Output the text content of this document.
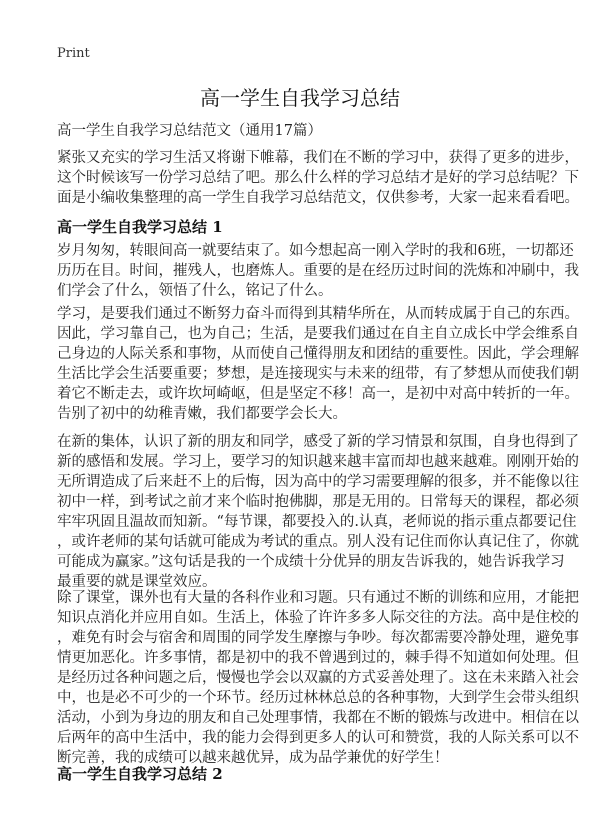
Print
高一学生自我学习总结
高一学生自我学习总结范文（通用17篇）
紧张又充实的学习生活又将谢下帷幕，我们在不断的学习中，获得了更多的进步，
这个时候该写一份学习总结了吧。那么什么样的学习总结才是好的学习总结呢？下
面是小编收集整理的高一学生自我学习总结范文，仅供参考，大家一起来看看吧。
高一学生自我学习总结 1
岁月匆匆，转眼间高一就要结束了。如今想起高一刚入学时的我和6班，一切都还
历历在目。时间，摧残人，也磨炼人。重要的是在经历过时间的洗炼和冲刷中，我
们学会了什么，领悟了什么，铭记了什么。
学习，是要我们通过不断努力奋斗而得到其精华所在，从而转成属于自己的东西。
因此，学习靠自己，也为自己；生活，是要我们通过在自主自立成长中学会维系自
己身边的人际关系和事物，从而使自己懂得朋友和团结的重要性。因此，学会理解
生活比学会生活要重要；梦想，是连接现实与未来的纽带，有了梦想从而使我们朝
着它不断走去，或许坎坷崎岖，但是坚定不移！高一，是初中对高中转折的一年。
告别了初中的幼稚青嫩，我们都要学会长大。
在新的集体，认识了新的朋友和同学，感受了新的学习情景和氛围，自身也得到了
新的感悟和发展。学习上，要学习的知识越来越丰富而却也越来越难。刚刚开始的
无所谓造成了后来赶不上的后悔，因为高中的学习需要理解的很多，并不能像以往
初中一样，到考试之前才来个临时抱佛脚，那是无用的。日常每天的课程，都必须
牢牢巩固且温故而知新。“每节课，都要投入的.认真，老师说的指示重点都要记住
，或许老师的某句话就可能成为考试的重点。别人没有记住而你认真记住了，你就
可能成为赢家。”这句话是我的一个成绩十分优异的朋友告诉我的，她告诉我学习
最重要的就是课堂效应。
除了课堂，课外也有大量的各科作业和习题。只有通过不断的训练和应用，才能把
知识点消化并应用自如。生活上，体验了许许多多人际交往的方法。高中是住校的
，难免有时会与宿舍和周围的同学发生摩擦与争吵。每次都需要冷静处理，避免事
情更加恶化。许多事情，都是初中的我不曾遇到过的，棘手得不知道如何处理。但
是经历过各种问题之后，慢慢也学会以双赢的方式妥善处理了。这在未来踏入社会
中，也是必不可少的一个环节。经历过林林总总的各种事物，大到学生会带头组织
活动，小到为身边的朋友和自己处理事情，我都在不断的锻炼与改进中。相信在以
后两年的高中生活中，我的能力会得到更多人的认可和赞赏，我的人际关系可以不
断完善，我的成绩可以越来越优异，成为品学兼优的好学生！
高一学生自我学习总结 2
